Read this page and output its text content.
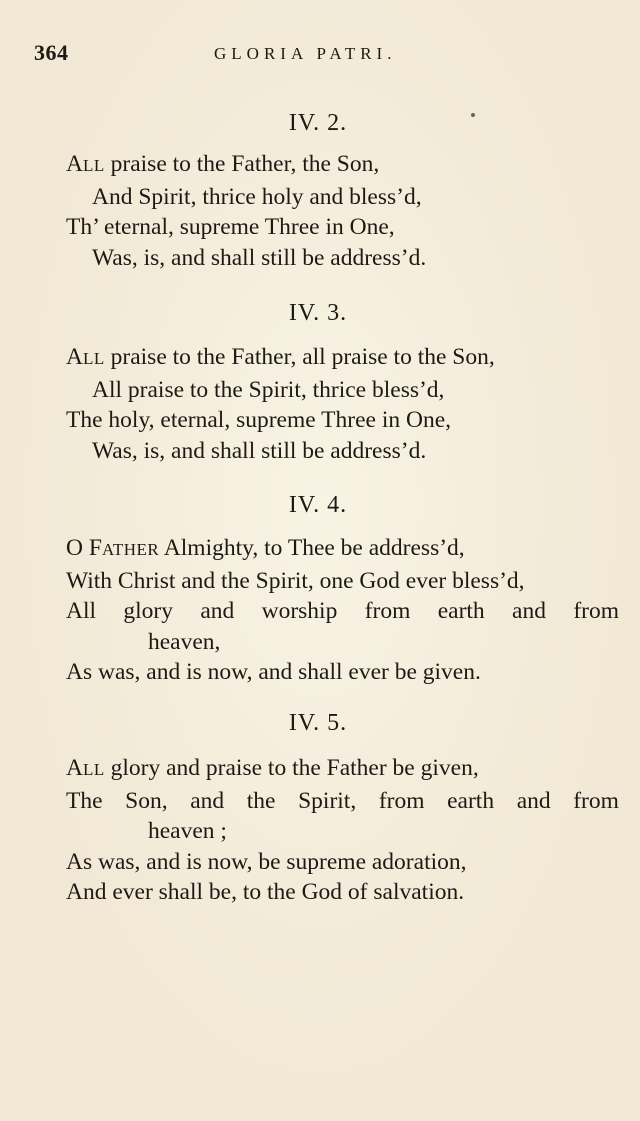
364	GLORIA PATRI.
IV. 2.
ALL praise to the Father, the Son,
And Spirit, thrice holy and bless’d,
Th’ eternal, supreme Three in One,
Was, is, and shall still be address’d.
IV. 3.
ALL praise to the Father, all praise to the Son,
All praise to the Spirit, thrice bless’d,
The holy, eternal, supreme Three in One,
Was, is, and shall still be address’d.
IV. 4.
O FATHER Almighty, to Thee be address’d,
With Christ and the Spirit, one God ever bless’d,
All glory and worship from earth and from
heaven,
As was, and is now, and shall ever be given.
IV. 5.
ALL glory and praise to the Father be given,
The Son, and the Spirit, from earth and from
heaven ;
As was, and is now, be supreme adoration,
And ever shall be, to the God of salvation.
